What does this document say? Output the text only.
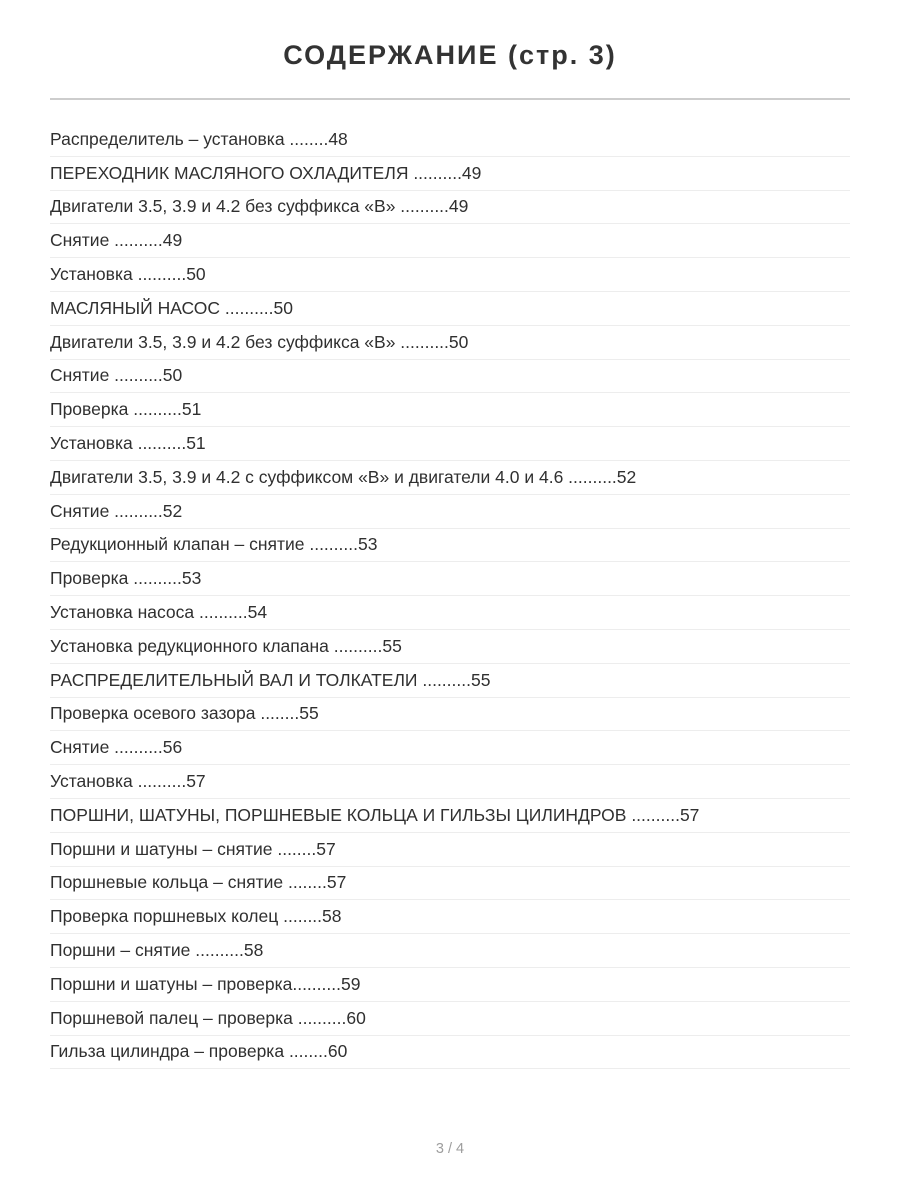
СОДЕРЖАНИЕ (стр. 3)
Распределитель – установка ........48
ПЕРЕХОДНИК МАСЛЯНОГО ОХЛАДИТЕЛЯ ..........49
Двигатели 3.5, 3.9 и 4.2 без суффикса «В» ..........49
Снятие ..........49
Установка ..........50
МАСЛЯНЫЙ НАСОС ..........50
Двигатели 3.5, 3.9 и 4.2 без суффикса «В» ..........50
Снятие ..........50
Проверка ..........51
Установка ..........51
Двигатели 3.5, 3.9 и 4.2 с суффиксом «В» и двигатели 4.0 и 4.6 ..........52
Снятие ..........52
Редукционный клапан – снятие ..........53
Проверка ..........53
Установка насоса ..........54
Установка редукционного клапана ..........55
РАСПРЕДЕЛИТЕЛЬНЫЙ ВАЛ И ТОЛКАТЕЛИ ..........55
Проверка осевого зазора ........55
Снятие ..........56
Установка ..........57
ПОРШНИ, ШАТУНЫ, ПОРШНЕВЫЕ КОЛЬЦА И ГИЛЬЗЫ ЦИЛИНДРОВ ..........57
Поршни и шатуны – снятие ........57
Поршневые кольца – снятие ........57
Проверка поршневых колец ........58
Поршни – снятие ..........58
Поршни и шатуны – проверка..........59
Поршневой палец – проверка ..........60
Гильза цилиндра – проверка ........60
3 / 4
